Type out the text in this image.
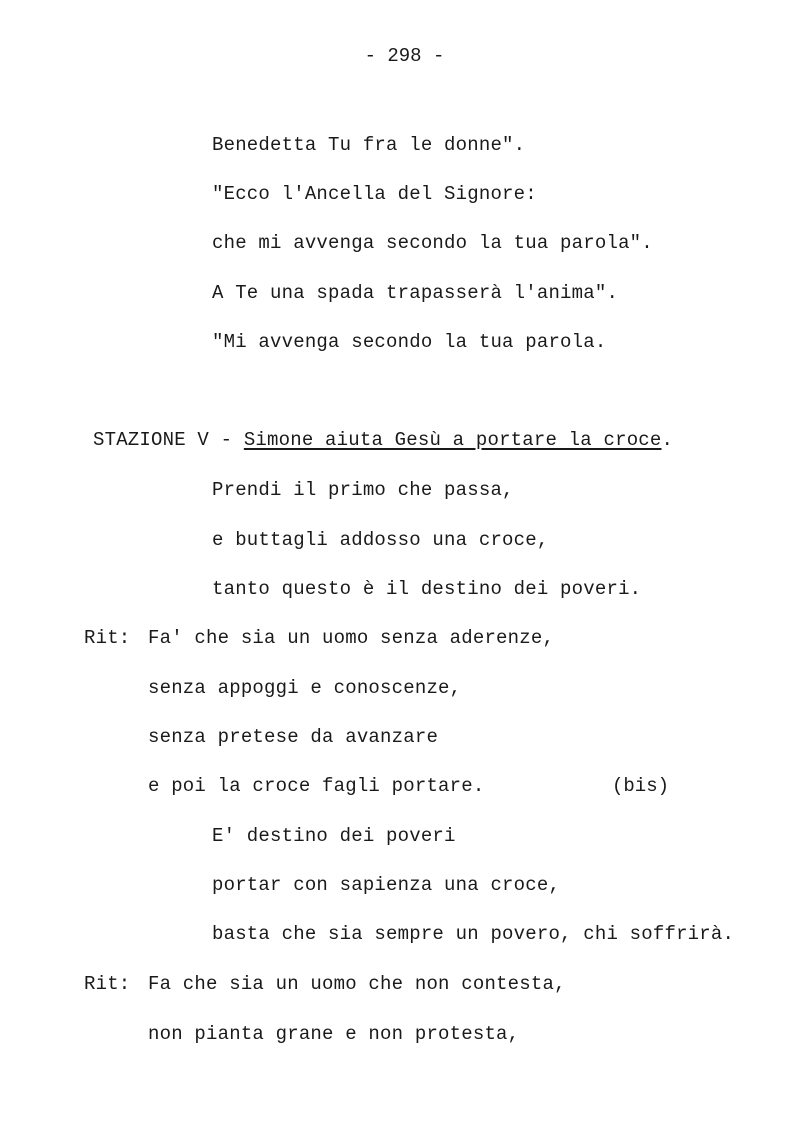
- 298 -
Benedetta Tu fra le donne".
"Ecco l'Ancella del Signore:
che mi avvenga secondo la tua parola".
A Te una spada trapasserà l'anima".
"Mi avvenga secondo la tua parola.
STAZIONE V - Simone aiuta Gesù a portare la croce.
Prendi il primo che passa,
e buttagli addosso una croce,
tanto questo è il destino dei poveri.
Rit: Fa' che sia un uomo senza aderenze,
senza appoggi e conoscenze,
senza pretese da avanzare
e poi la croce fagli portare.	(bis)
E' destino dei poveri
portar con sapienza una croce,
basta che sia sempre un povero, chi soffrirà.
Rit: Fa che sia un uomo che non contesta,
non pianta grane e non protesta,
